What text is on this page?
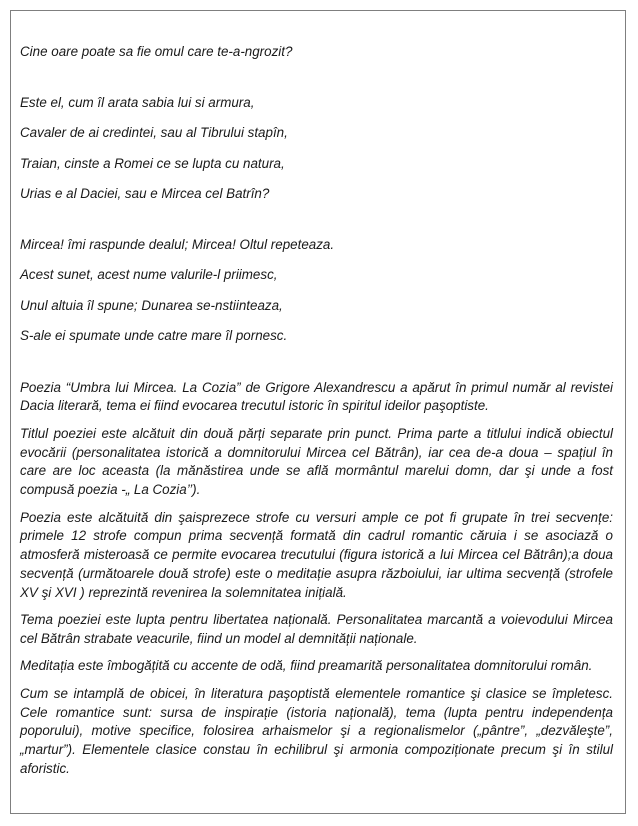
Cine oare poate sa fie omul care te-a-ngrozit?
Este el, cum îl arata sabia lui si armura,
Cavaler de ai credintei, sau al Tibrului stapîn,
Traian, cinste a Romei ce se lupta cu natura,
Urias e al Daciei, sau e Mircea cel Batrîn?
Mircea! îmi raspunde dealul; Mircea! Oltul repeteaza.
Acest sunet, acest nume valurile-l priimesc,
Unul altuia îl spune; Dunarea se-nstiinteaza,
S-ale ei spumate unde catre mare îl pornesc.

Poezia “Umbra lui Mircea. La Cozia” de Grigore Alexandrescu a apărut în primul număr al revistei Dacia literară, tema ei fiind evocarea trecutul istoric în spiritul ideilor paşoptiste.

Titlul poeziei este alcătuit din două părți separate prin punct. Prima parte a titlului indică obiectul evocării (personalitatea istorică a domnitorului Mircea cel Bătrân), iar cea de-a doua – spațiul în care are loc aceasta (la mănăstirea unde se află mormântul marelui domn, dar şi unde a fost compusă poezia -„ La Cozia’’).

Poezia este alcătuită din şaisprezece strofe cu versuri ample ce pot fi grupate în trei secvențe: primele 12 strofe compun prima secvență formată din cadrul romantic căruia i se asociază o atmosferă misteroasă ce permite evocarea trecutului (figura istorică a lui Mircea cel Bătrân);a doua secvență (următoarele două strofe) este o meditație asupra războiului, iar ultima secvență (strofele XV şi XVI ) reprezintă revenirea la solemnitatea inițială.

Tema poeziei este lupta pentru libertatea națională. Personalitatea marcantă a voievodului Mircea cel Bătrân strabate veacurile, fiind un model al demnității naționale.

Meditația este îmbogățită cu accente de odă, fiind preamarită personalitatea domnitorului român.

Cum se intamplă de obicei, în literatura paşoptistă elementele romantice şi clasice se împletesc. Cele romantice sunt: sursa de inspirație (istoria națională), tema (lupta pentru independența poporului), motive specifice, folosirea arhaismelor şi a regionalismelor („pântre”, „dezvăleşte”, „martur”). Elementele clasice constau în echilibrul şi armonia compoziționate precum şi în stilul aforistic.
